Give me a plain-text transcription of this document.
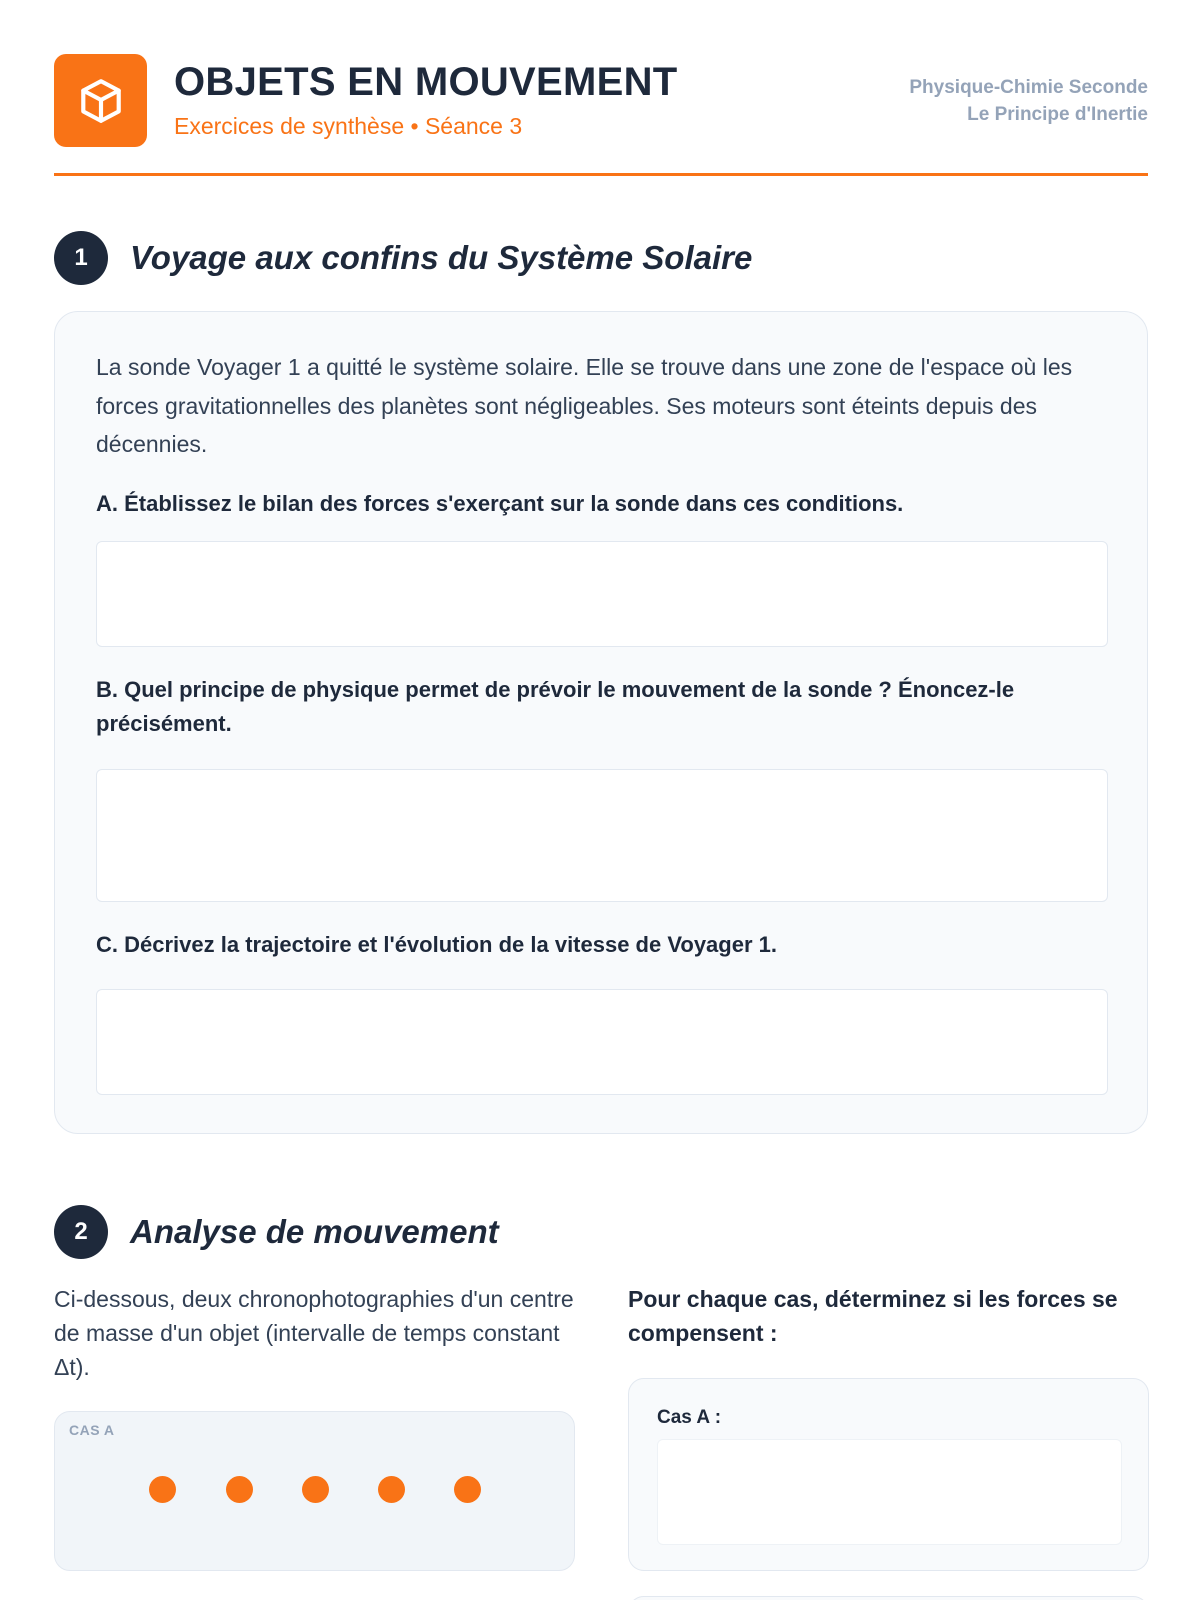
OBJETS EN MOUVEMENT
Exercices de synthèse • Séance 3
Physique-Chimie Seconde
Le Principe d'Inertie
1	Voyage aux confins du Système Solaire

La sonde Voyager 1 a quitté le système solaire. Elle se trouve dans une zone de l'espace où les forces gravitationnelles des planètes sont négligeables. Ses moteurs sont éteints depuis des décennies.

A. Établissez le bilan des forces s'exerçant sur la sonde dans ces conditions.
B. Quel principe de physique permet de prévoir le mouvement de la sonde ? Énoncez-le précisément.
C. Décrivez la trajectoire et l'évolution de la vitesse de Voyager 1.
2	Analyse de mouvement

Ci-dessous, deux chronophotographies d'un centre de masse d'un objet (intervalle de temps constant Δt).

Pour chaque cas, déterminez si les forces se compensent :

CAS A
Cas A :
